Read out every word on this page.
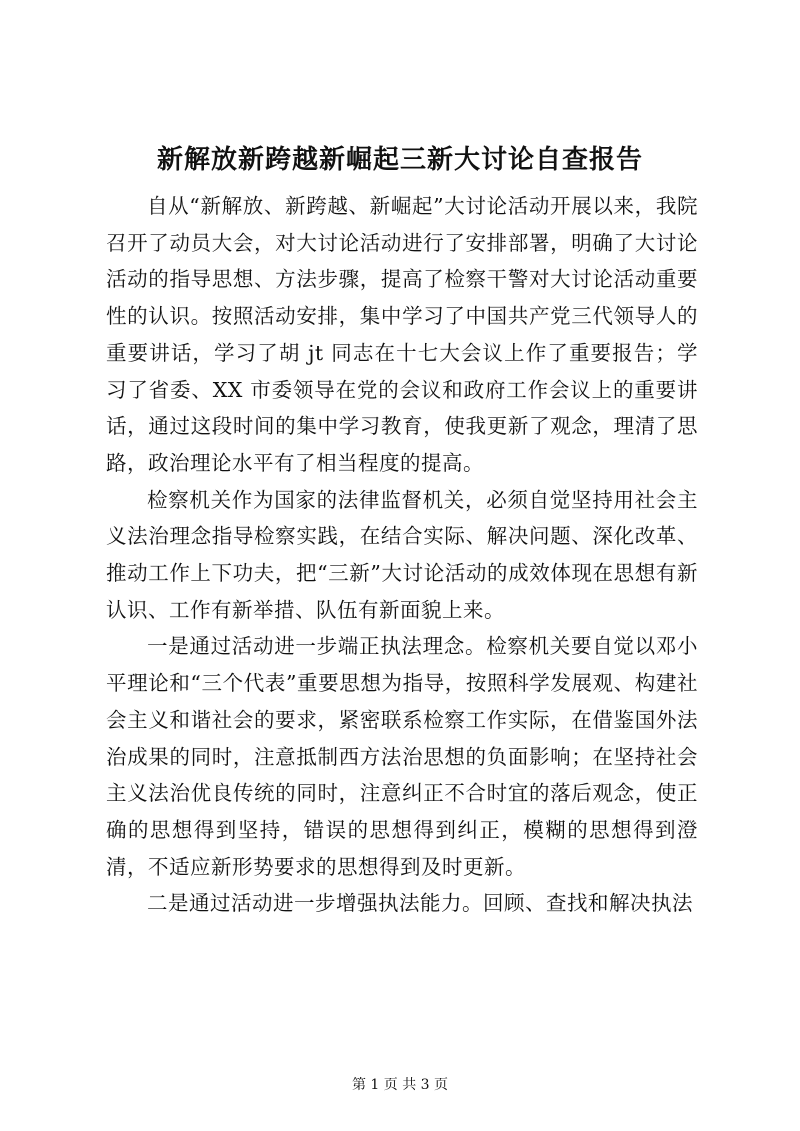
新解放新跨越新崛起三新大讨论自查报告

自从“新解放、新跨越、新崛起”大讨论活动开展以来，我院召开了动员大会，对大讨论活动进行了安排部署，明确了大讨论活动的指导思想、方法步骤，提高了检察干警对大讨论活动重要性的认识。按照活动安排，集中学习了中国共产党三代领导人的重要讲话，学习了胡 jt 同志在十七大会议上作了重要报告；学习了省委、XX 市委领导在党的会议和政府工作会议上的重要讲话，通过这段时间的集中学习教育，使我更新了观念，理清了思路，政治理论水平有了相当程度的提高。

检察机关作为国家的法律监督机关，必须自觉坚持用社会主义法治理念指导检察实践，在结合实际、解决问题、深化改革、推动工作上下功夫，把“三新”大讨论活动的成效体现在思想有新认识、工作有新举措、队伍有新面貌上来。

一是通过活动进一步端正执法理念。检察机关要自觉以邓小平理论和“三个代表”重要思想为指导，按照科学发展观、构建社会主义和谐社会的要求，紧密联系检察工作实际，在借鉴国外法治成果的同时，注意抵制西方法治思想的负面影响；在坚持社会主义法治优良传统的同时，注意纠正不合时宜的落后观念，使正确的思想得到坚持，错误的思想得到纠正，模糊的思想得到澄清，不适应新形势要求的思想得到及时更新。

二是通过活动进一步增强执法能力。回顾、查找和解决执法

第 1 页 共 3 页
